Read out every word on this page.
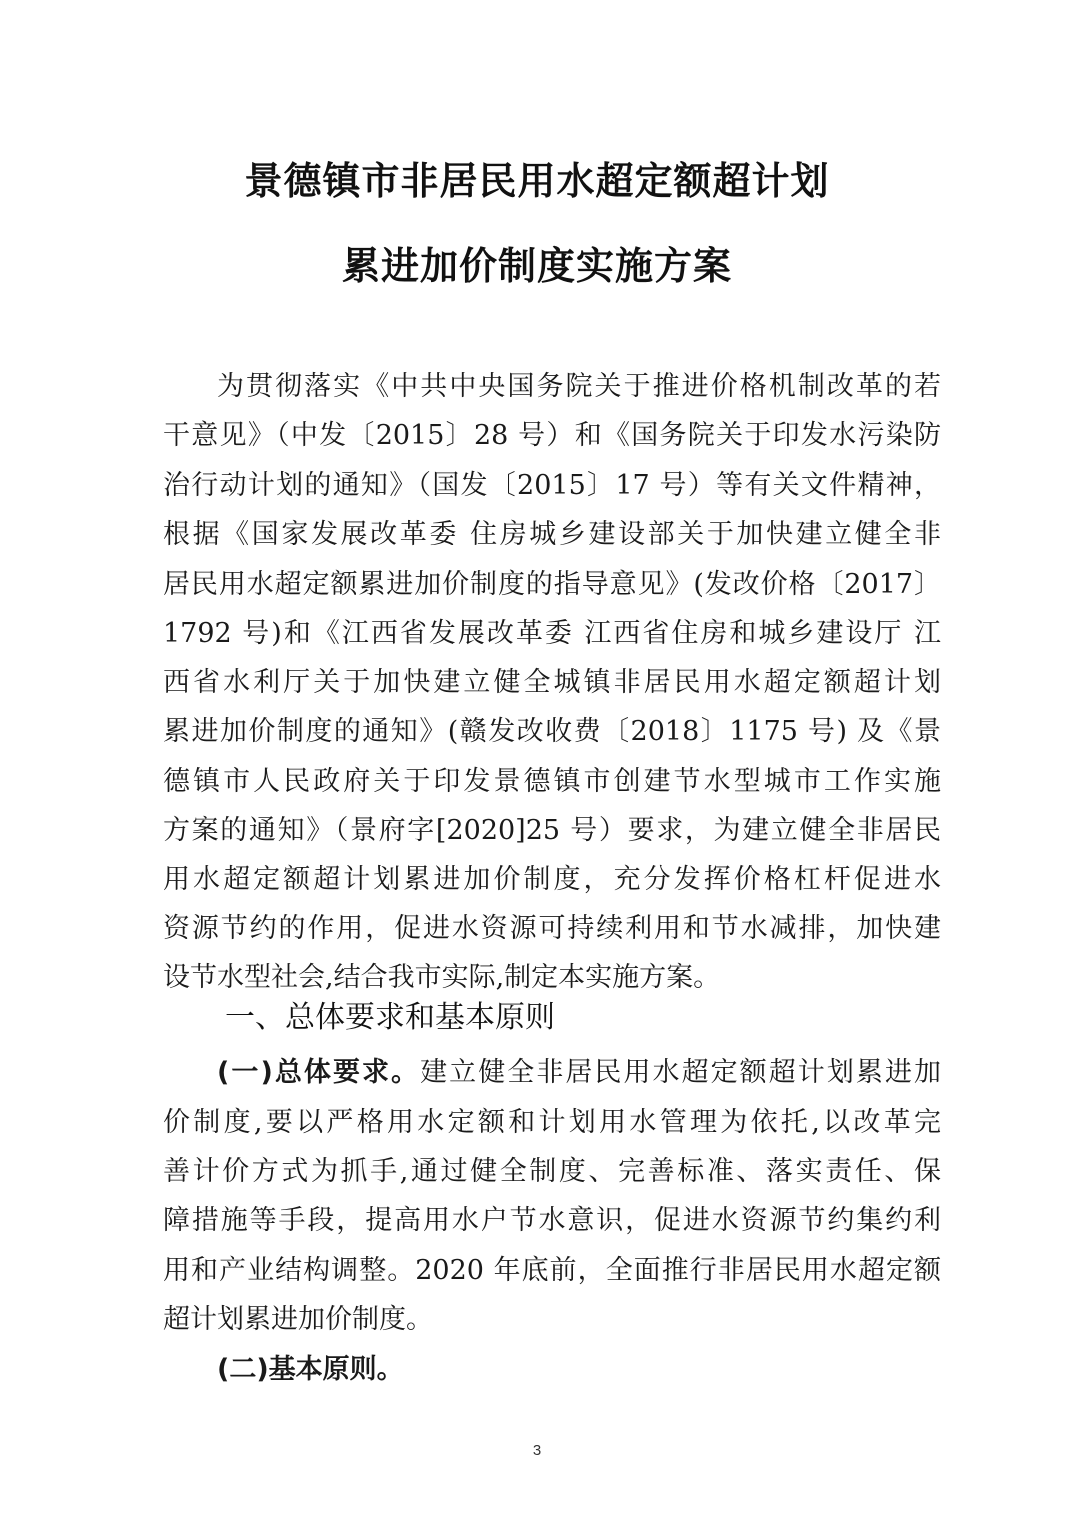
景德镇市非居民用水超定额超计划
累进加价制度实施方案
为贯彻落实《中共中央国务院关于推进价格机制改革的若
干意见》（中发〔2015〕28 号）和《国务院关于印发水污染防
治行动计划的通知》（国发〔2015〕17 号）等有关文件精神，
根据《国家发展改革委 住房城乡建设部关于加快建立健全非
居民用水超定额累进加价制度的指导意见》(发改价格〔2017〕
1792 号)和《江西省发展改革委 江西省住房和城乡建设厅 江
西省水利厅关于加快建立健全城镇非居民用水超定额超计划
累进加价制度的通知》(赣发改收费〔2018〕1175 号) 及《景
德镇市人民政府关于印发景德镇市创建节水型城市工作实施
方案的通知》（景府字[2020]25 号）要求，为建立健全非居民
用水超定额超计划累进加价制度，充分发挥价格杠杆促进水
资源节约的作用，促进水资源可持续利用和节水减排，加快建
设节水型社会,结合我市实际,制定本实施方案。
一、总体要求和基本原则
(一)总体要求。建立健全非居民用水超定额超计划累进加
价制度,要以严格用水定额和计划用水管理为依托,以改革完
善计价方式为抓手,通过健全制度、完善标准、落实责任、保
障措施等手段，提高用水户节水意识，促进水资源节约集约利
用和产业结构调整。2020 年底前，全面推行非居民用水超定额
超计划累进加价制度。
(二)基本原则。
3
